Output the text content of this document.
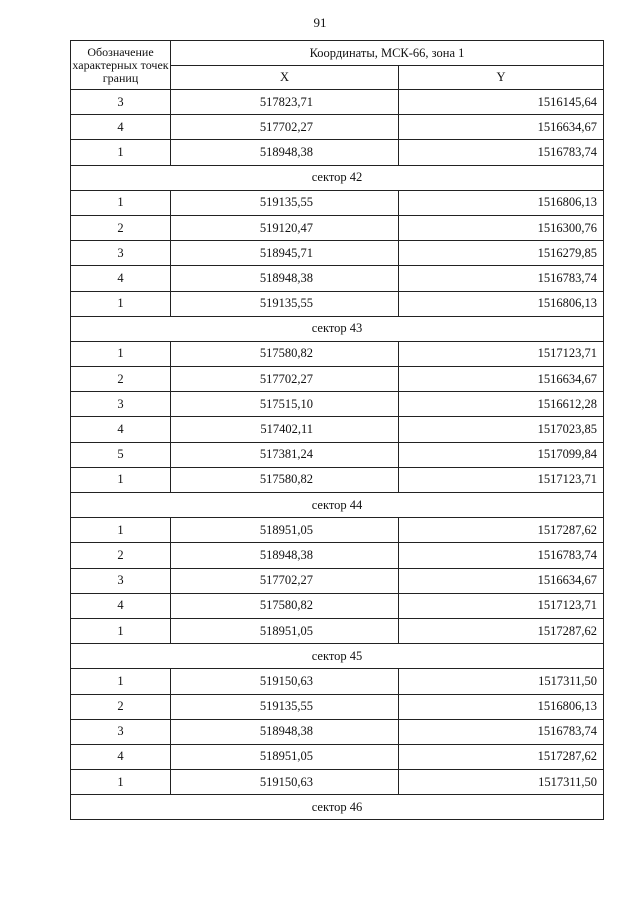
91
Обозначение характерных точек границ	Координаты, МСК-66, зона 1	
	X	Y
3	517823,71	1516145,64
4	517702,27	1516634,67
1	518948,38	1516783,74
сектор 42		
1	519135,55	1516806,13
2	519120,47	1516300,76
3	518945,71	1516279,85
4	518948,38	1516783,74
1	519135,55	1516806,13
сектор 43		
1	517580,82	1517123,71
2	517702,27	1516634,67
3	517515,10	1516612,28
4	517402,11	1517023,85
5	517381,24	1517099,84
1	517580,82	1517123,71
сектор 44		
1	518951,05	1517287,62
2	518948,38	1516783,74
3	517702,27	1516634,67
4	517580,82	1517123,71
1	518951,05	1517287,62
сектор 45		
1	519150,63	1517311,50
2	519135,55	1516806,13
3	518948,38	1516783,74
4	518951,05	1517287,62
1	519150,63	1517311,50
сектор 46		
